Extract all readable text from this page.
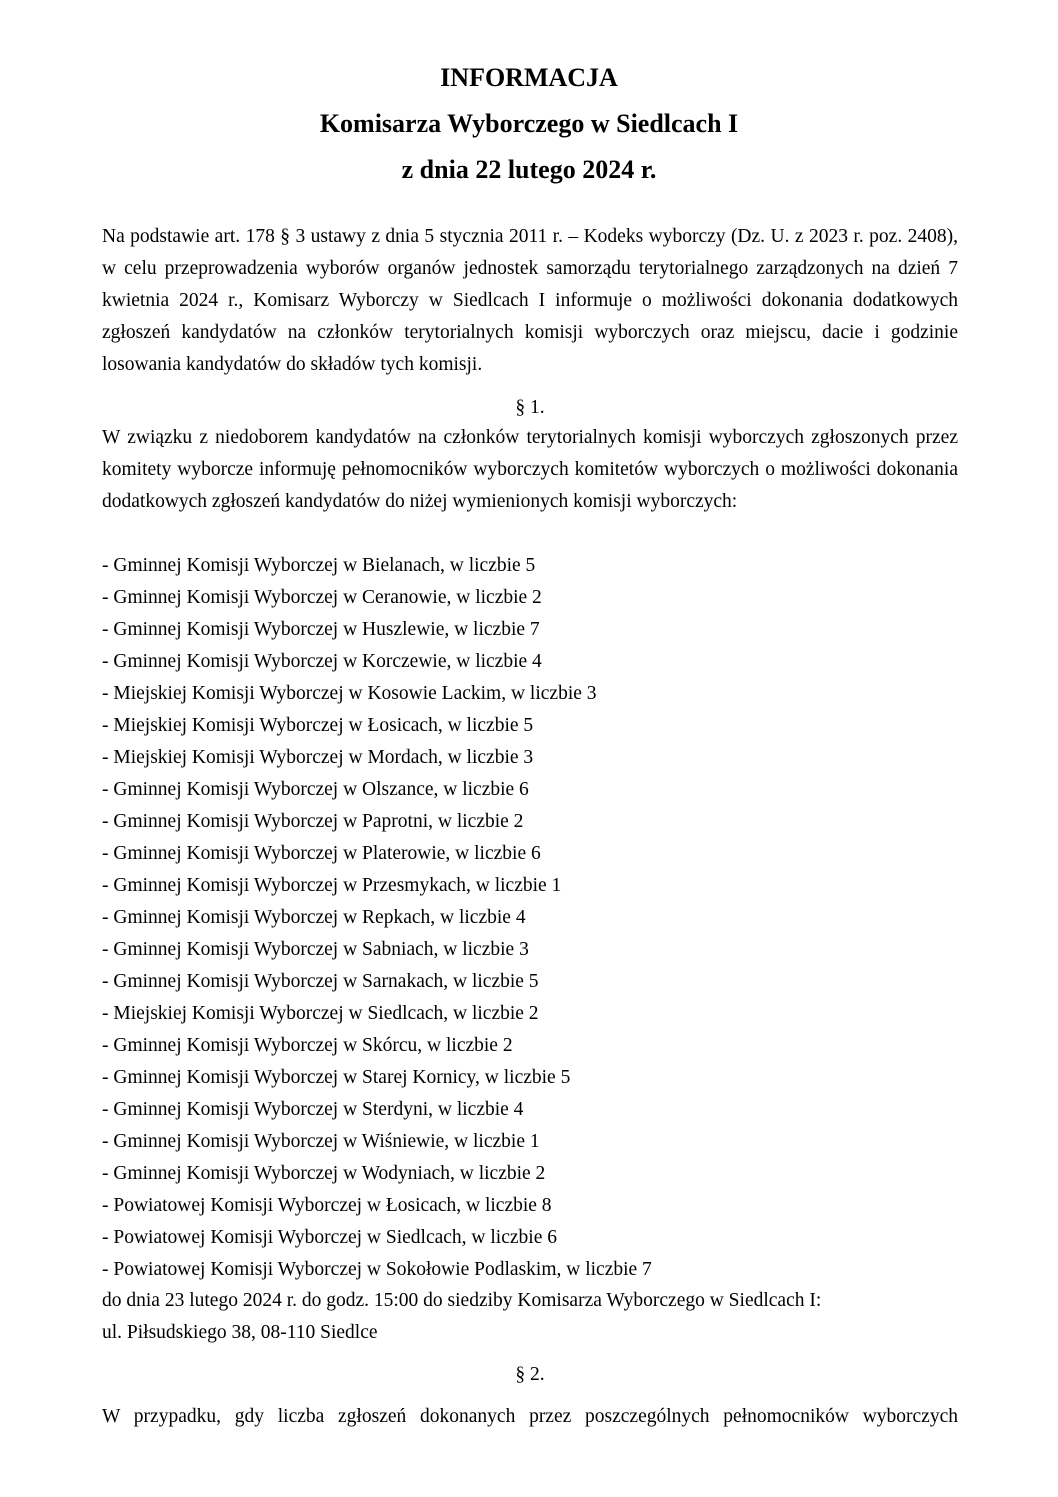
INFORMACJA
Komisarza Wyborczego w Siedlcach I
z dnia 22 lutego 2024 r.
Na podstawie art. 178 § 3 ustawy z dnia 5 stycznia 2011 r. – Kodeks wyborczy (Dz. U. z 2023 r. poz. 2408), w celu przeprowadzenia wyborów organów jednostek samorządu terytorialnego zarządzonych na dzień 7 kwietnia 2024 r., Komisarz Wyborczy w Siedlcach I informuje o możliwości dokonania dodatkowych zgłoszeń kandydatów na członków terytorialnych komisji wyborczych oraz miejscu, dacie i godzinie losowania kandydatów do składów tych komisji.
§ 1.
W związku z niedoborem kandydatów na członków terytorialnych komisji wyborczych zgłoszonych przez komitety wyborcze informuję pełnomocników wyborczych komitetów wyborczych o możliwości dokonania dodatkowych zgłoszeń kandydatów do niżej wymienionych komisji wyborczych:
- Gminnej Komisji Wyborczej w Bielanach, w liczbie 5
- Gminnej Komisji Wyborczej w Ceranowie, w liczbie 2
- Gminnej Komisji Wyborczej w Huszlewie, w liczbie 7
- Gminnej Komisji Wyborczej w Korczewie, w liczbie 4
- Miejskiej Komisji Wyborczej w Kosowie Lackim, w liczbie 3
- Miejskiej Komisji Wyborczej w Łosicach, w liczbie 5
- Miejskiej Komisji Wyborczej w Mordach, w liczbie 3
- Gminnej Komisji Wyborczej w Olszance, w liczbie 6
- Gminnej Komisji Wyborczej w Paprotni, w liczbie 2
- Gminnej Komisji Wyborczej w Platerowie, w liczbie 6
- Gminnej Komisji Wyborczej w Przesmykach, w liczbie 1
- Gminnej Komisji Wyborczej w Repkach, w liczbie 4
- Gminnej Komisji Wyborczej w Sabniach, w liczbie 3
- Gminnej Komisji Wyborczej w Sarnakach, w liczbie 5
- Miejskiej Komisji Wyborczej w Siedlcach, w liczbie 2
- Gminnej Komisji Wyborczej w Skórcu, w liczbie 2
- Gminnej Komisji Wyborczej w Starej Kornicy, w liczbie 5
- Gminnej Komisji Wyborczej w Sterdyni, w liczbie 4
- Gminnej Komisji Wyborczej w Wiśniewie, w liczbie 1
- Gminnej Komisji Wyborczej w Wodyniach, w liczbie 2
- Powiatowej Komisji Wyborczej w Łosicach, w liczbie 8
- Powiatowej Komisji Wyborczej w Siedlcach, w liczbie 6
- Powiatowej Komisji Wyborczej w Sokołowie Podlaskim, w liczbie 7
do dnia 23 lutego 2024 r. do godz. 15:00 do siedziby Komisarza Wyborczego w Siedlcach I:
ul. Piłsudskiego 38, 08-110 Siedlce
§ 2.
W przypadku, gdy liczba zgłoszeń dokonanych przez poszczególnych pełnomocników wyborczych
